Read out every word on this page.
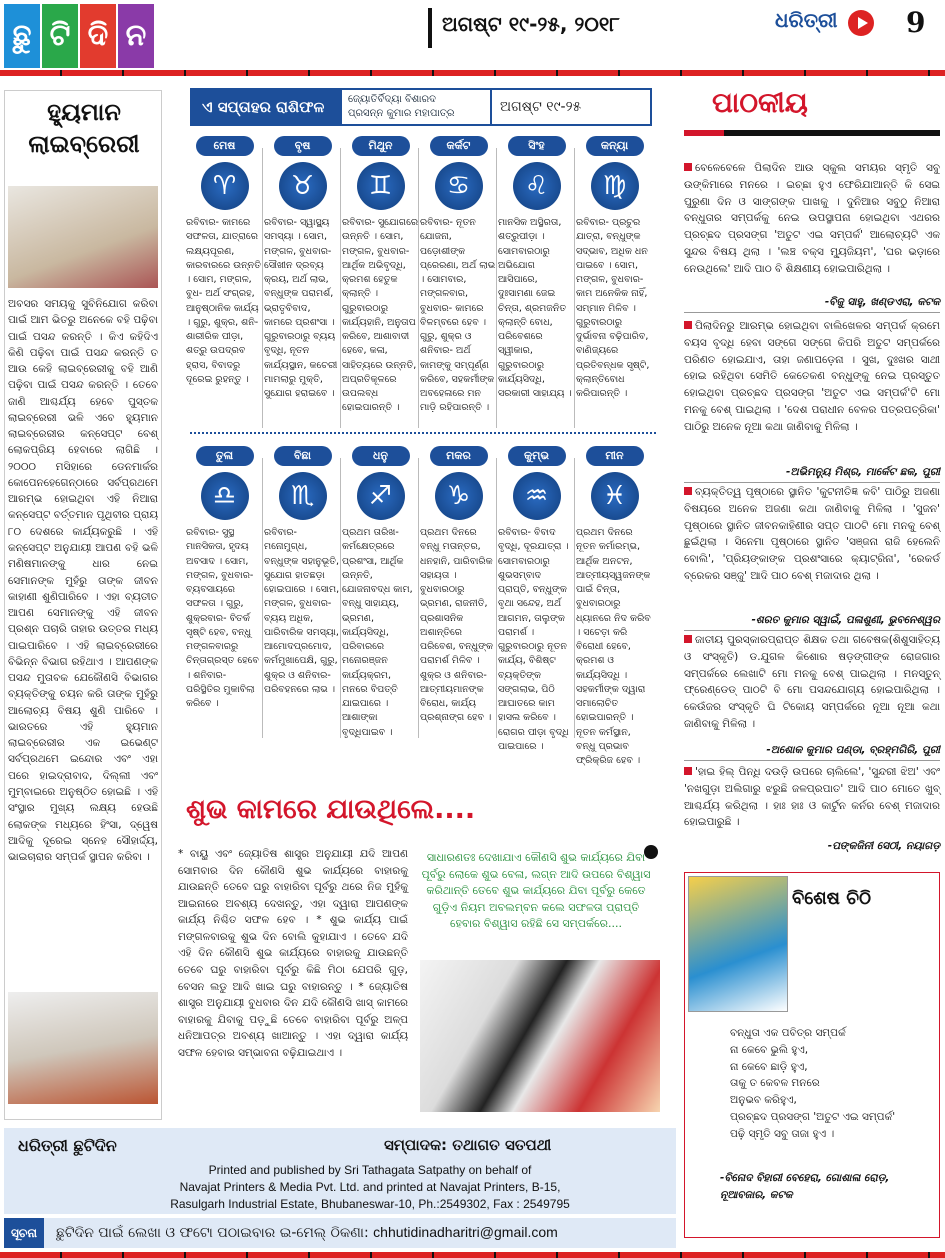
ଛୁ ଟି ଦି ନ	ଅଗଷ୍ଟ ୧୯-୨୫, ୨୦୧୮	ଧରିତ୍ରୀ 9
ହ୍ୟୁମାନ ଲାଇବ୍ରେରୀ
ଅବସର ସମୟକୁ ସୁବିନିଯୋଗ କରିବା ପାଇଁ ଆମ ଭିତରୁ ଅନେକେ ବହି ପଢ଼ିବା ପାଇଁ ପସନ୍ଦ କରନ୍ତି । କିଏ କହିଦିଏ କିଣି ପଢ଼ିବା ପାଇଁ ପସନ୍ଦ କରନ୍ତି ତ ଆଉ କେହି ଲାଇବ୍ରେରୀକୁ ବହି ଆଣି ପଢ଼ିବା ପାଇଁ ପସନ୍ଦ କରନ୍ତି । ତେବେ ଜାଣି ଆଶ୍ଚର୍ଯ୍ୟ ହେବେ ପୁସ୍ତକ ଲାଇବ୍ରେରୀ ଭଳି ଏବେ ହ୍ୟୁମାନ ଲାଇବ୍ରେରୀର କନ୍‌ସେପ୍ଟ ବେଶ୍ ଲୋକପ୍ରିୟ ହେବାରେ ଲାଗିଛି । ୨୦୦୦ ମସିହାରେ ଡେନମାର୍କର କୋପେନହେଗେନ୍‌ଠାରେ ସର୍ବପ୍ରଥମେ ଆରମ୍ଭ ହୋଇଥିବା ଏହି ନିଆରା କନ୍‌ସେପ୍ଟ ବର୍ତ୍ତମାନ ପୃଥିବୀର ପ୍ରାୟ ୮୦ ଦେଶରେ କାର୍ଯ୍ୟକରୁଛି । ଏହି କନ୍‌ସେପ୍ଟ ଅନୁଯାୟୀ ଆପଣ ବହି ଭଳି ମଣିଷମାନଙ୍କୁ ଧାର ନେଇ ସେମାନଙ୍କ ମୁହଁରୁ ତାଙ୍କ ଜୀବନ କାହାଣୀ ଶୁଣିପାରିବେ । ଏହା ବ୍ୟତୀତ ଆପଣ ସେମାନଙ୍କୁ ଏହି ଜୀବନ ପ୍ରଶ୍ନ ପଚାରି ତାହାର ଉତ୍ତର ମଧ୍ୟ ପାଇପାରିବେ । ଏହି ଲାଇବ୍ରେରୀରେ ବିଭିନ୍ନ ବିଭାଗ ରହିଥାଏ । ଆପଣଙ୍କ ପସନ୍ଦ ମୁତାବକ ଯେକୌଣସି ବିଭାଗର ବ୍ୟକ୍ତିଙ୍କୁ ଚୟନ କରି ତାଙ୍କ ମୁହଁରୁ ଆଲୋଚ୍ୟ ବିଷୟ ଶୁଣି ପାରିବେ । ଭାରତରେ ଏହି ହ୍ୟୁମାନ ଲାଇବ୍ରେରୀର ଏକ ଇଭେଣ୍ଟ ସର୍ବପ୍ରଥମେ ଇନ୍ଦୋର ଏବଂ ଏହା ପରେ ହାଇଦ୍ରାବାଦ, ଦିଲ୍ଲୀ ଏବଂ ମୁମ୍ବାଇରେ ଅନୁଷ୍ଠିତ ହୋଇଛି । ଏହି ସଂସ୍ଥାର ମୁଖ୍ୟ ଲକ୍ଷ୍ୟ ହେଉଛି ଲୋକଙ୍କ ମଧ୍ୟରେ ହିଂସା, ଦ୍ୱେଷ ଆଦିକୁ ଦୂରେଇ ସ୍ନେହ ସୌହାର୍ଦ୍ଦ୍ୟ, ଭାଇଚାରାର ସମ୍ପର୍କ ସ୍ଥାପନ କରିବା ।
ଏ ସପ୍ତାହର ରାଶିଫଳ	ଜ୍ୟୋତିର୍ବିଦ୍ୟା ବିଶାରଦ
ପ୍ରସନ୍ନ କୁମାର ମହାପାତ୍ର	ଅଗଷ୍ଟ ୧୯-୨୫
ମେଷ
♈
ରବିବାର- କାମରେ ସଫଳତା, ଯାତ୍ରାରେ ଲକ୍ଷ୍ୟପୂରଣ, କାରବାରରେ ଉନ୍ନତି । ସୋମ, ମଙ୍ଗଳ, ବୁଧ- ଅର୍ଥ ସଂଗ୍ରହ, ଆନୁଷ୍ଠାନିକ କାର୍ଯ୍ୟ । ଗୁରୁ, ଶୁକ୍ର, ଶନି- ଶାରୀରିକ ପୀଡ଼ା, ଶତ୍ରୁ ଉପଦ୍ରବ ହ୍ରାସ, ବିବାଦରୁ ଦୂରେଇ ରୁହନ୍ତୁ ।
ବୃଷ
♉
ରବିବାର- ସ୍ୱାସ୍ଥ୍ୟ ସମସ୍ୟା । ସୋମ, ମଙ୍ଗଳ, ବୁଧବାର- ସୌଖୀନ ଦ୍ରବ୍ୟ କ୍ରୟ, ଅର୍ଥ ଲାଭ, ବନ୍ଧୁଙ୍କ ପରାମର୍ଶ, ଭ୍ରାତୃବିବାଦ, କାମରେ ପ୍ରଶଂସା । ଗୁରୁବାରଠାରୁ ବ୍ୟୟ ବୃଦ୍ଧି, ନୂତନ କାର୍ଯ୍ୟସ୍ଥାନ, କଚେରୀ ମାମଲାରୁ ମୁକ୍ତି, ସୁଯୋଗ ହରାଇବେ ।
ମିଥୁନ
♊
ରବିବାର- ସୁଯୋଗରେ ଉନ୍ନତି । ସୋମ, ମଙ୍ଗଳ, ବୁଧବାର- ଆର୍ଥିକ ଅଭିବୃଦ୍ଧି, କ୍ରମଶ ହେତୁକ କ୍ଲାନ୍ତି । ଗୁରୁବାରଠାରୁ କାର୍ଯ୍ୟହାନି, ଅନୁତାପ କରିବେ, ଆଶାବାଦୀ ହେବେ, କଳା, ସାହିତ୍ୟରେ ଉନ୍ନତି, ଅପ୍ରତିକୂଳରେ ଉପଲବ୍ଧ ହୋଇପାରନ୍ତି ।
କର୍କଟ
♋
ରବିବାର- ନୂତନ ଯୋଜନା, ପଡ଼ୋଶୀଙ୍କ ପ୍ରେରଣା, ଅର୍ଥ ଲାଭ । ସୋମବାର, ମଙ୍ଗଳବାର, ବୁଧବାର- କାମରେ ବିଳମ୍ବରେ ହେବ । ଗୁରୁ, ଶୁକ୍ର ଓ ଶନିବାର- ଅର୍ଥ କାମଙ୍କୁ ସମ୍ପୂର୍ଣ୍ଣ କରିବେ, ସହକର୍ମୀଙ୍କ ଅବହେଳାରେ ମନ ମାଡ଼ି ରହିପାରନ୍ତି ।
ସିଂହ
♌
ମାନସିକ ଅସ୍ଥିରତା, ଶତ୍ରୁପୀଡ଼ା । ସୋମବାରଠାରୁ ଅଭିଯୋଗ ଆସିପାରେ, ଦୁଃସାମଣା ଜେଇ ଚିନ୍ତା, ଶ୍ରମଜନିତ କ୍ଲାନ୍ତି ବୋଧ, ପରିବେଶରେ ସ୍ୱୀକାର, ଗୁରୁବାରଠାରୁ କାର୍ଯ୍ୟସିଦ୍ଧି, ସରକାରୀ ସାହାଯ୍ୟ ।
କନ୍ୟା
♍
ରବିବାର- ପ୍ରଚୁର ଯାତ୍ରା, ବନ୍ଧୁଙ୍କ ସଦ୍ଭାବ, ଅଧିକ ଧନ ପାଇବେ । ସୋମ, ମଙ୍ଗଳ, ବୁଧବାର- କାମ ଅନେକିକ ନାହିଁ, ସମ୍ମାନ ମିଳିବ । ଗୁରୁବାରଠାରୁ ଦୁର୍ଭାବନା ବଢ଼ିପାରିବ, ବାଣିଜ୍ୟରେ ପ୍ରତିବନ୍ଧକ ସୃଷ୍ଟି, କ୍ଲାନ୍ତିବୋଧ କରିପାରନ୍ତି ।
ତୁଳା
♎
ରବିବାର- ସୁସ୍ଥ ମାନସିକତା, ହୃଦୟ ଅବସାଦ । ସୋମ, ମଙ୍ଗଳ, ବୁଧବାର- ବ୍ୟବସାୟରେ ସଫଳତା । ଗୁରୁ, ଶୁକ୍ରବାର- ବିତର୍କ ସୃଷ୍ଟି ହେବ, ବନ୍ଧୁ ମଙ୍ଗଳବାରରୁ ଚିନ୍ତାଗ୍ରସ୍ତ ହେବେ । ଶନିବାର- ପରିସ୍ଥିତିର ମୁକାବିଲା କରିବେ ।
ବିଛା
♏
ରବିବାର- ମନୋମୁଗ୍ଧ, ବନ୍ଧୁଙ୍କ ସହାନୁଭୂତି, ସୁଯୋଗ ହାତଛଡ଼ା ହୋଇପାରେ । ସୋମ, ମଙ୍ଗଳ, ବୁଧବାର- ବ୍ୟୟ ଅଧିକ, ପାରିବାରିକ ସମସ୍ୟା, ଆମୋଦପ୍ରମୋଦ, କର୍ମମୁଖାପେକ୍ଷି, ଗୁରୁ, ଶୁକ୍ର ଓ ଶନିବାର- ପରିବହନରେ ଲାଭ ।
ଧନୁ
♐
ପ୍ରଥମ ତାରିଖ- କର୍ମକ୍ଷେତ୍ରରେ ପ୍ରଶଂସା, ଆର୍ଥିକ ଉନ୍ନତି, ଯୋଜନାବଦ୍ଧ କାମ, ବନ୍ଧୁ ସାହାଯ୍ୟ, ଭ୍ରମଣ, କାର୍ଯ୍ୟସିଦ୍ଧି, ପରିବାରରେ ମନୋରଞ୍ଜନ କାର୍ଯ୍ୟକ୍ରମ, ମନରେ ବିପତ୍ତି ଯାଇପାରେ । ଆଶାଙ୍କା ବୃଦ୍ଧିପାଇବ ।
ମକର
♑
ପ୍ରଥମ ଦିନରେ ବନ୍ଧୁ ମତାନ୍ତର, ଧନହାନି, ପାରିବାରିକ ସହାୟତା । ବୁଧବାରଠାରୁ ଭ୍ରମଣ, ରାଜନୀତି, ପ୍ରଶାସନିକ ଅଶାନ୍ତିରେ ପରିବେଶ, ବନ୍ଧୁଙ୍କ ପରାମର୍ଶ ମିଳିବ । ଶୁକ୍ର ଓ ଶନିବାର- ଆତ୍ମୀୟମାନଙ୍କ ବିରୋଧ, କାର୍ଯ୍ୟ ପ୍ରଶ୍ନାଙ୍ଗ ହେବ ।
କୁମ୍ଭ
♒
ରବିବାର- ବିବାଦ ବୃଦ୍ଧି, ଦୂରଯାତ୍ରା । ସୋମବାରଠାରୁ ଶୁଭସମ୍ବାଦ ପ୍ରାପ୍ତି, ବନ୍ଧୁଙ୍କ ବୃଥା ସନ୍ଦେହ, ଅର୍ଥ ଆଗମନ, ତାଲୁଙ୍କ ପରାମର୍ଶ । ଗୁରୁବାରଠାରୁ ନୂତନ କାର୍ଯ୍ୟ, ବିଶିଷ୍ଟ ବ୍ୟକ୍ତିଙ୍କ ସଙ୍ଗଲାଭ, ପିଠି ଆଘାତରେ କାମ ହାସଲ କରିବେ । ରୋଗର ପୀଡ଼ା ବୃଦ୍ଧି ପାଇପାରେ ।
ମୀନ
♓
ପ୍ରଥମ ଦିନରେ ନୂତନ କର୍ମାରମ୍ଭ, ଆର୍ଥିକ ଅନଟନ, ଆତ୍ମୀୟସ୍ୱଜନଙ୍କ ପାଇଁ ଚିନ୍ତା, ବୁଧବାରଠାରୁ ଧ୍ୟାନରେ ନିଦ କରିବ । ସଚେତ଼ା କରି ବିରୋଧୀ ହେବେ, କ୍ରମଶ ଓ କାର୍ଯ୍ୟସିଦ୍ଧି । ସହକର୍ମୀଙ୍କ ଦ୍ୱାରା ସମାଲୋଚିତ ହୋଇପାରନ୍ତି । ନୂତନ କର୍ମସ୍ଥାନ, ବନ୍ଧୁ ପ୍ରଭାବ ଫ୍ରିକ୍ରିଜ ହେବ ।
ଶୁଭ କାମରେ ଯାଉଥିଲେ....
* ବାୟୁ ଏବଂ ଜ୍ୟୋତିଷ ଶାସ୍ତ୍ର ଅନୁଯାୟୀ ଯଦି ଆପଣ ସୋମବାର ଦିନ କୌଣସି ଶୁଭ କାର୍ଯ୍ୟରେ ବାହାରକୁ ଯାଉଛନ୍ତି ତେବେ ଘରୁ ବାହାରିବା ପୂର୍ବରୁ ଥରେ ନିଜ ମୁହଁକୁ ଆଇନାରେ ଅବଶ୍ୟ ଦେଖନ୍ତୁ, ଏହା ଦ୍ୱାରା ଆପଣଙ୍କ କାର୍ଯ୍ୟ ନିଶ୍ଚିତ ସଫଳ ହେବ । * ଶୁଭ କାର୍ଯ୍ୟ ପାଇଁ ମଙ୍ଗଳବାରକୁ ଶୁଭ ଦିନ ବୋଲି କୁହାଯାଏ । ତେବେ ଯଦି ଏହି ଦିନ କୌଣସି ଶୁଭ କାର୍ଯ୍ୟରେ ବାହାରକୁ ଯାଉଛନ୍ତି ତେବେ ଘରୁ ବାହାରିବା ପୂର୍ବରୁ କିଛି ମିଠା ଯେପରି ଗୁଡ଼, ବେସନ ଲଡୁ ଆଦି ଖାଇ ଘରୁ ବାହାରନ୍ତୁ । * ଜ୍ୟୋତିଷ ଶାସ୍ତ୍ର ଅନୁଯାୟୀ ବୁଧବାର ଦିନ ଯଦି କୌଣସି ଖାସ୍ କାମରେ ବାହାରକୁ ଯିବାକୁ ପଡ଼ୁଛି ତେବେ ବାହାରିବା ପୂର୍ବରୁ ଅଳ୍ପ ଧନିଆପତ୍ର ଅବଶ୍ୟ ଖାଆନ୍ତୁ । ଏହା ଦ୍ୱାରା କାର୍ଯ୍ୟ ସଫଳ ହେବାର ସମ୍ଭାବନା ବଢ଼ିଯାଇଥାଏ ।
ସାଧାରଣତଃ ଦେଖାଯାଏ କୌଣସି ଶୁଭ କାର୍ଯ୍ୟରେ ଯିବା ପୂର୍ବରୁ ଲୋକେ ଶୁଭ ବେଳା, ଲଗ୍ନ ଆଦି ଉପରେ ବିଶ୍ୱାସ କରିଥାନ୍ତି ତେବେ ଶୁଭ କାର୍ଯ୍ୟରେ ଯିବା ପୂର୍ବରୁ କେତେ ଗୁଡ଼ିଏ ନିୟମ ଅବଲମ୍ବନ କଲେ ସଫଳତା ପ୍ରାପ୍ତି ହେବାର ବିଶ୍ୱାସ ରହିଛି ସେ ସମ୍ପର୍କରେ....
ପାଠକୀୟ
ବେଳେବେଳେ ପିଲାଦିନ ଆଉ ସ୍କୁଲ ସମୟର ସ୍ମୃତି ସବୁ ଉଙ୍କିମାରେ ମନରେ । ଇଚ୍ଛା ହୁଏ ଫେରିଯାଆନ୍ତି କି ସେଇ ପୁରୁଣା ଦିନ ଓ ସାଙ୍ଗଙ୍କ ପାଖକୁ । ଦୁନିଆର ସବୁଠୁ ନିଆରା ବନ୍ଧୁତାର ସମ୍ପର୍କକୁ ନେଇ ଉପସ୍ଥାପନା ହୋଇଥିବା ଏଥରର ପ୍ରଚ୍ଛଦ ପ୍ରସଙ୍ଗ 'ଅତୁଟ ଏଇ ସମ୍ପର୍କ' ଆଲୋଚ୍ୟଟି ଏକ ସୁନ୍ଦର ବିଷୟ ଥିଲା । 'ଲଞ୍ଚ ବକ୍ସ ମ୍ୟୁଜିୟମ', 'ଘର ଭଡ଼ାରେ ନେଉଥିଲେ' ଆଦି ପାଠ ବି ଶିକ୍ଷଣୀୟ ହୋଇପାରିଥିଲା ।
-ବିଜୁ ସାହୁ, ଖଣ୍ଡଏରା, କଟକ
ପିଲାଦିନରୁ ଆରମ୍ଭ ହୋଇଥିବା ବାଲିଖେଳର ସମ୍ପର୍କ କ୍ରମେ ବୟସ ବୃଦ୍ଧି ହେବା ସଙ୍ଗେ ସଙ୍ଗେ କିପରି ଅତୁଟ ସମ୍ପର୍କରେ ପରିଣତ ହୋଇଯାଏ, ତାହା ଜଣାପଡ଼େନା । ସୁଖ, ଦୁଃଖର ସାଥୀ ହୋଇ ରହିଥିବା ସେମିତି କେତେକଣ ବନ୍ଧୁଙ୍କୁ ନେଇ ପ୍ରସ୍ତୁତ ହୋଇଥିବା ପ୍ରଚ୍ଛଦ ପ୍ରସଙ୍ଗ 'ଅତୁଟ ଏଇ ସମ୍ପର୍କ'ଟି ମୋ ମନକୁ ବେଶ୍ ପାଇଥିଲା । 'ଦେଶ ପରାଧୀନ ବେଳର ପତ୍ରପତ୍ରିକା' ପାଠିରୁ ଅନେକ ନୂଆ କଥା ଜାଣିବାକୁ ମିଳିଲା ।
-ଅଭିମନ୍ୟୁ ମିଶ୍ର, ମାର୍କେଟ ଛକ, ପୁରୀ
ବ୍ୟକ୍ତିତ୍ୱ ପୃଷ୍ଠାରେ ସ୍ଥାନିତ 'କୁଟନୀତିଜ୍ଞ କବି' ପାଠିରୁ ଅଜଣା ବିଷୟରେ ଅନେକ ଅଜଣା କଥା ଜାଣିବାକୁ ମିଳିଲା । 'ସୁଜନ' ପୃଷ୍ଠାରେ ସ୍ଥାନିତ ଜୀବନକାହିଣୀର ସପ୍ତ ପାଠଟି ମୋ ମନକୁ ବେଶ୍ ଛୁଇଁଥିଲା । ସିନେମା ପୃଷ୍ଠାରେ ସ୍ଥାନିତ 'ସଞ୍ଜନା ରାଜି ହେଲେନି ବୋଲି', 'ପ୍ରିୟଙ୍କାଙ୍କ ପ୍ରଶଂସାରେ କ୍ୟାଟ୍ରିନା', 'ରେକର୍ଡ ବ୍ରେକର ସଞ୍ଜୁ' ଆଦି ପାଠ ବେଶ୍ ମଜାଦାର ଥିଲା ।
-ଶରତ କୁମାର ସ୍ୱାଇଁ, ପଳାଶୁଣୀ, ଭୁବନେଶ୍ୱର
ଜାତୀୟ ପୁରସ୍କାରପ୍ରାପ୍ତ ଶିକ୍ଷକ ତଥା ଗବେଷକ(ଶିଶୁସାହିତ୍ୟ ଓ ସଂସ୍କୃତି) ଡ.ଯୁଗଳ କିଶୋର ଷଡ଼ଙ୍ଗୀଙ୍କ ରୋଜଗାର ସମ୍ପର୍କରେ ଲେଖାଟି ମୋ ମନକୁ ବେଶ୍ ପାଇଥିଲା । ମନସ୍ତୁନ୍ ଫ୍ରେଣ୍ଡେଡ୍ ପାଠଟି ବି ମୋ ପସନ୍ଦଯୋଗ୍ୟ ହୋଇପାରିଥିଲା । କେଉଁଜର ସଂସ୍କୃତି ଘି ଟିକୋୟ ସମ୍ପର୍କରେ ନୂଆ ନୂଆ କଥା ଜାଣିବାକୁ ମିଳିଲା ।
-ଅଶୋକ କୁମାର ପଣ୍ଡା, ବ୍ରହ୍ମଗିରି, ପୁରୀ
'ହାଇ ହିଲ୍ ପିନ୍ଧି ଦଉଡ଼ି ଉପରେ ଚାଲିଲେ', 'ସୁନ୍ଦରୀ ଝିଅ' ଏବଂ 'ନଖଗୁଡ଼ା ଅଲିଗାରୁ ଝରୁଛି ଜଳପ୍ରପାତ' ଆଦି ପାଠ ମୋତେ ଖୁବ୍ ଆଶ୍ଚର୍ଯ୍ୟ କରିଥିଲା । ହାଃ ହାଃ ଓ କାର୍ଟୁନ କର୍ନର ବେଶ୍ ମଜାଦାର ହୋଇପାରୁଛି ।
-ପଙ୍କଜିନୀ ସେଠୀ, ନୟାଗଡ଼
ବିଶେଷ ଚିଠି
ବନ୍ଧୁତା ଏକ ପବିତ୍ର ସମ୍ପର୍କ
ନା କେବେ ଭୁଲି ହୁଏ,
ନା କେବେ ଛାଡ଼ି ହୁଏ,
ତାକୁ ତ କେବଳ ମନରେ
ଅନୁଭବ କରିହୁଏ,
ପ୍ରଚ୍ଛଦ ପ୍ରସଙ୍ଗ 'ଅତୁଟ ଏଇ ସମ୍ପର୍କ'
ପଢ଼ି ସ୍ମୃତି ସବୁ ତାଜା ହୁଏ ।
-ବିନୋଦ ବିହାରୀ ବେହେରା, ଗୋଶାଳା ରୋଡ଼, ନୂଆବଜାର, କଟକ
ଧରିତ୍ରୀ ଛୁଟିଦିନ	ସମ୍ପାଦକ: ତଥାଗତ ସତପଥୀ
Printed and published by Sri Tathagata Satpathy on behalf of
Navajat Printers & Media Pvt. Ltd. and printed at Navajat Printers, B-15,
Rasulgarh Industrial Estate, Bhubaneswar-10, Ph.:2549302, Fax : 2549795
ସୂଚନା	ଛୁଟିଦିନ ପାଇଁ ଲେଖା ଓ ଫଟୋ ପଠାଇବାର ଇ-ମେଲ୍ ଠିକଣା: chhutidinadharitri@gmail.com
